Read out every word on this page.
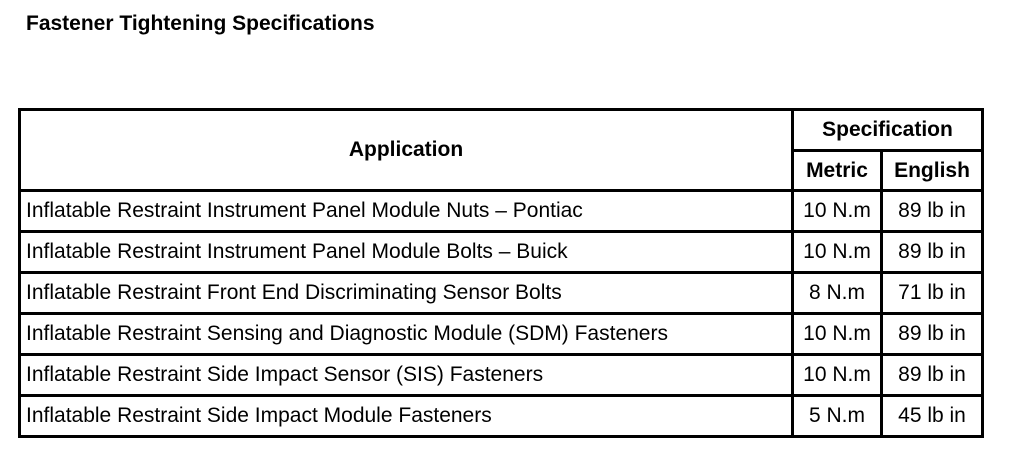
Fastener Tightening Specifications
Application	Specification	
	Metric	English
Inflatable Restraint Instrument Panel Module Nuts – Pontiac	10 N.m	89 lb in
Inflatable Restraint Instrument Panel Module Bolts – Buick	10 N.m	89 lb in
Inflatable Restraint Front End Discriminating Sensor Bolts	8 N.m	71 lb in
Inflatable Restraint Sensing and Diagnostic Module (SDM) Fasteners	10 N.m	89 lb in
Inflatable Restraint Side Impact Sensor (SIS) Fasteners	10 N.m	89 lb in
Inflatable Restraint Side Impact Module Fasteners	5 N.m	45 lb in
